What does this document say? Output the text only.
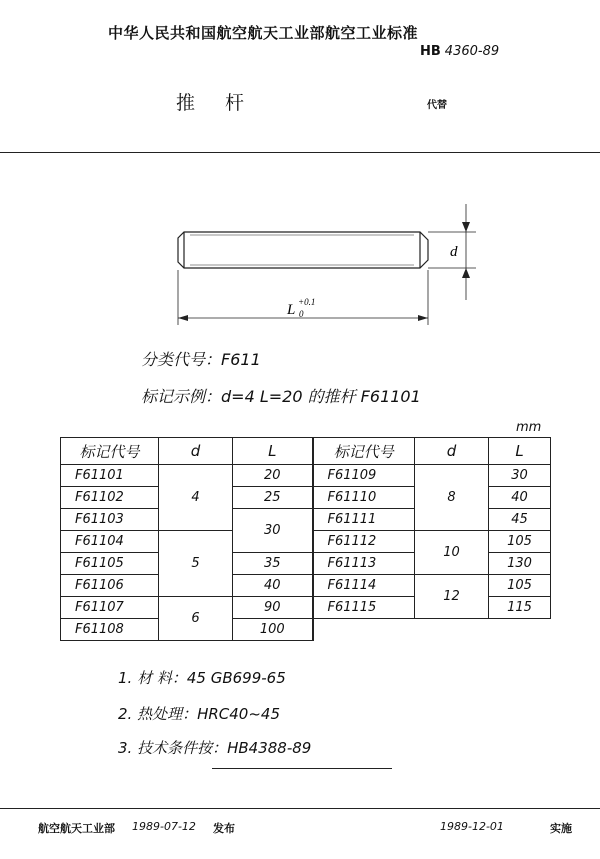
中华人民共和国航空航天工业部航空工业标准
HB 4360-89
推杆	代替
d
L +0.1
0
分类代号：F611
标记示例：d=4 L=20 的推杆 F61101
mm
标记代号	d	L	标记代号	d	L
F61101	4	20	F61109	8	30
F61102		25	F61110		40
F61103		30	F61111		45
F61104	5		F61112	10	105
F61105		35	F61113		130
F61106		40	F61114	12	105
F61107	6	90	F61115		115
F61108		100			
1. 材 料：45 GB699-65
2. 热处理：HRC40~45
3. 技术条件按：HB4388-89
航空航天工业部 1989-07-12 发布	1989-12-01	实施
